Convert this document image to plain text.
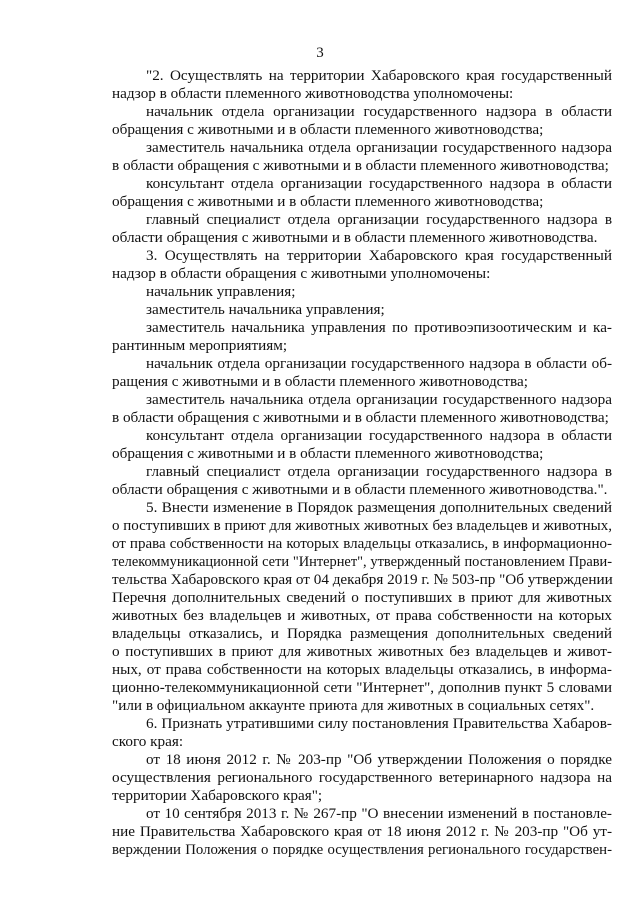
3
"2. Осуществлять на территории Хабаровского края государственный
надзор в области племенного животноводства уполномочены:
начальник отдела организации государственного надзора в области
обращения с животными и в области племенного животноводства;
заместитель начальника отдела организации государственного надзора
в области обращения с животными и в области племенного животноводства;
консультант отдела организации государственного надзора в области
обращения с животными и в области племенного животноводства;
главный специалист отдела организации государственного надзора в
области обращения с животными и в области племенного животноводства.
3. Осуществлять на территории Хабаровского края государственный
надзор в области обращения с животными уполномочены:
начальник управления;
заместитель начальника управления;
заместитель начальника управления по противоэпизоотическим и ка-
рантинным мероприятиям;
начальник отдела организации государственного надзора в области об-
ращения с животными и в области племенного животноводства;
заместитель начальника отдела организации государственного надзора
в области обращения с животными и в области племенного животноводства;
консультант отдела организации государственного надзора в области
обращения с животными и в области племенного животноводства;
главный специалист отдела организации государственного надзора в
области обращения с животными и в области племенного животноводства.".
5. Внести изменение в Порядок размещения дополнительных сведений
о поступивших в приют для животных животных без владельцев и животных,
от права собственности на которых владельцы отказались, в информационно-
телекоммуникационной сети "Интернет", утвержденный постановлением Прави-
тельства Хабаровского края от 04 декабря 2019 г. № 503-пр "Об утверждении
Перечня дополнительных сведений о поступивших в приют для животных
животных без владельцев и животных, от права собственности на которых
владельцы отказались, и Порядка размещения дополнительных сведений
о поступивших в приют для животных животных без владельцев и живот-
ных, от права собственности на которых владельцы отказались, в информа-
ционно-телекоммуникационной сети "Интернет", дополнив пункт 5 словами
"или в официальном аккаунте приюта для животных в социальных сетях".
6. Признать утратившими силу постановления Правительства Хабаров-
ского края:
от 18 июня 2012 г. № 203-пр "Об утверждении Положения о порядке
осуществления регионального государственного ветеринарного надзора на
территории Хабаровского края";
от 10 сентября 2013 г. № 267-пр "О внесении изменений в постановле-
ние Правительства Хабаровского края от 18 июня 2012 г. № 203-пр "Об ут-
верждении Положения о порядке осуществления регионального государствен-
